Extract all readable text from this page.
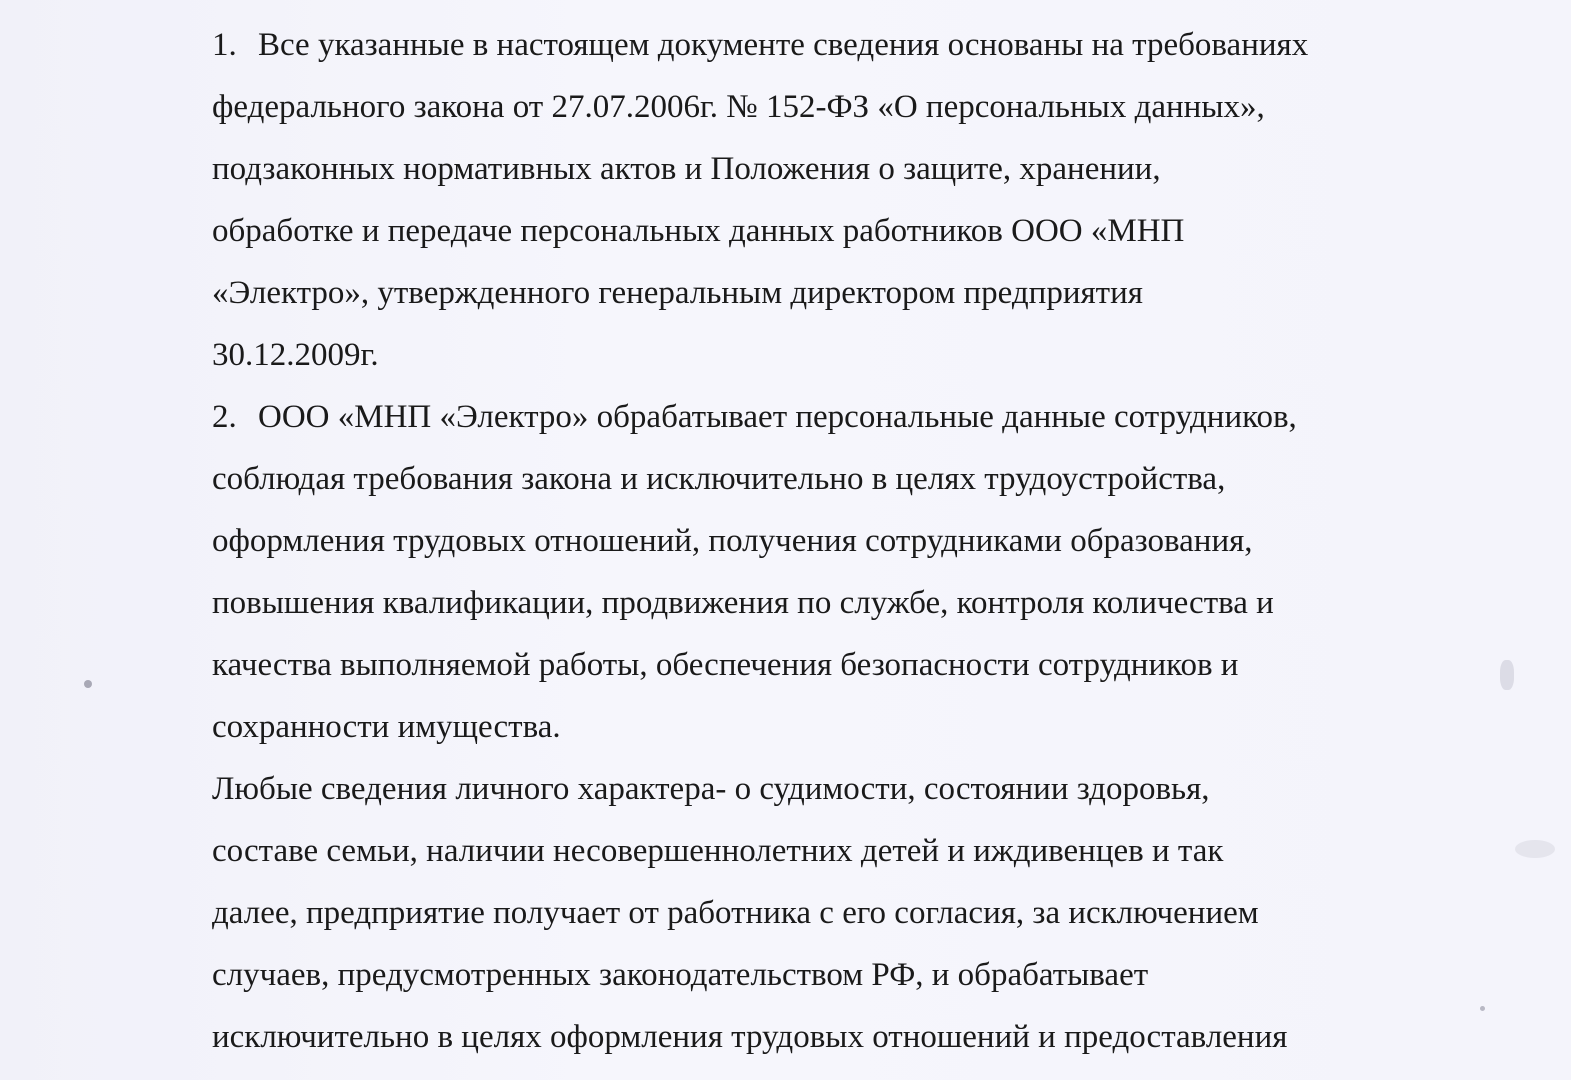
1. Все указанные в настоящем документе сведения основаны на требованиях
федерального закона от 27.07.2006г. № 152-ФЗ «О персональных данных»,
подзаконных нормативных актов и Положения о защите, хранении,
обработке и передаче персональных данных работников ООО «МНП
«Электро», утвержденного генеральным директором предприятия
30.12.2009г.
2. ООО «МНП «Электро» обрабатывает персональные данные сотрудников,
соблюдая требования закона и исключительно в целях трудоустройства,
оформления трудовых отношений, получения сотрудниками образования,
повышения квалификации, продвижения по службе, контроля количества и
качества выполняемой работы, обеспечения безопасности сотрудников и
сохранности имущества.
Любые сведения личного характера- о судимости, состоянии здоровья,
составе семьи, наличии несовершеннолетних детей и иждивенцев и так
далее, предприятие получает от работника с его согласия, за исключением
случаев, предусмотренных законодательством РФ, и обрабатывает
исключительно в целях оформления трудовых отношений и предоставления
